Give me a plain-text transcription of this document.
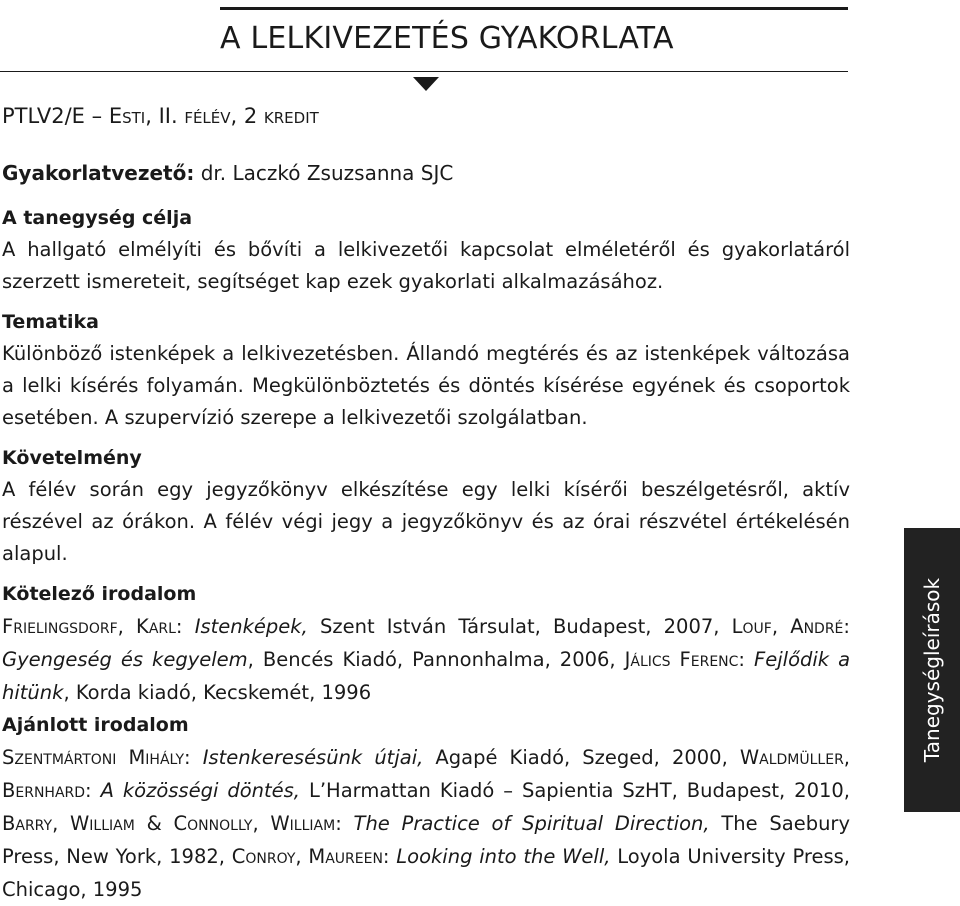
A LELKIVEZETÉS GYAKORLATA
PTLV2/E – Esti, II. félév, 2 kredit
Gyakorlatvezető: dr. Laczkó Zsuzsanna SJC

A tanegység célja

A hallgató elmélyíti és bővíti a lelkivezetői kapcsolat elméletéről és gyakorlatáról szerzett ismereteit, segítséget kap ezek gyakorlati alkalmazásához.

Tematika

Különböző istenképek a lelkivezetésben. Állandó megtérés és az istenképek változása a lelki kísérés folyamán. Megkülönböztetés és döntés kísérése egyének és csoportok esetében. A szupervízió szerepe a lelkivezetői szolgálatban.

Követelmény

A félév során egy jegyzőkönyv elkészítése egy lelki kísérői beszélgetésről, aktív részével az órákon. A félév végi jegy a jegyzőkönyv és az órai részvétel értékelésén alapul.

Kötelező irodalom

Frielingsdorf, Karl: Istenképek, Szent István Társulat, Budapest, 2007, Louf, André: Gyengeség és kegyelem, Bencés Kiadó, Pannonhalma, 2006, Jálics Ferenc: Fejlődik a hitünk, Korda kiadó, Kecskemét, 1996

Ajánlott irodalom

Szentmártoni Mihály: Istenkeresésünk útjai, Agapé Kiadó, Szeged, 2000, Waldmüller, Bernhard: A közösségi döntés, L’Harmattan Kiadó – Sapientia SzHT, Budapest, 2010, Barry, William & Connolly, William: The Practice of Spiritual Direction, The Saebury Press, New York, 1982, Conroy, Maureen: Looking into the Well, Loyola University Press, Chicago, 1995

Tanegységleírások
